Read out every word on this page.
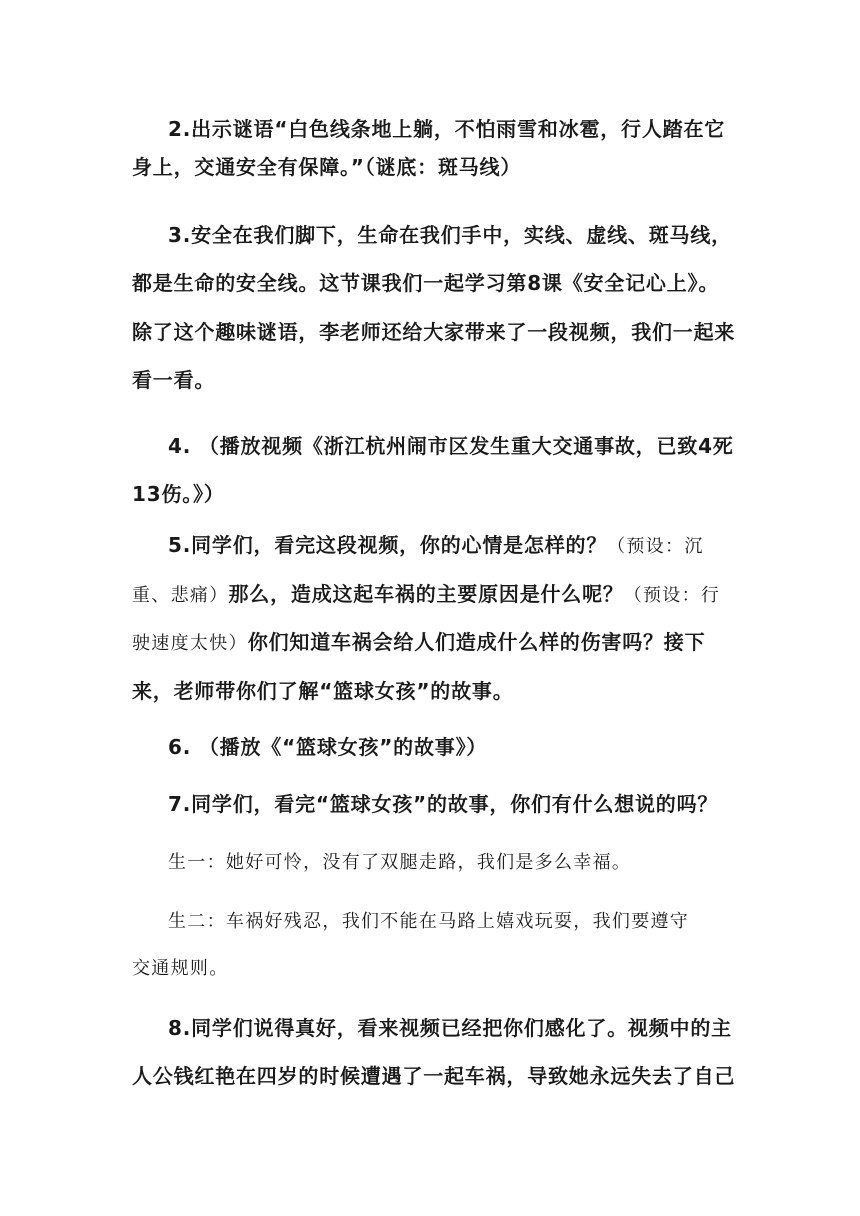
2.出示谜语“白色线条地上躺，不怕雨雪和冰雹，行人踏在它
身上，交通安全有保障。”（谜底：斑马线）
3.安全在我们脚下，生命在我们手中，实线、虚线、斑马线，
都是生命的安全线。这节课我们一起学习第8课《安全记心上》。
除了这个趣味谜语，李老师还给大家带来了一段视频，我们一起来
看一看。
4. （播放视频《浙江杭州闹市区发生重大交通事故，已致4死
13伤。》）
5.同学们，看完这段视频，你的心情是怎样的？（预设：沉
重、悲痛）那么，造成这起车祸的主要原因是什么呢？（预设：行
驶速度太快）你们知道车祸会给人们造成什么样的伤害吗？接下
来，老师带你们了解“篮球女孩”的故事。
6. （播放《“篮球女孩”的故事》）
7.同学们，看完“篮球女孩”的故事，你们有什么想说的吗？
生一：她好可怜，没有了双腿走路，我们是多么幸福。
生二：车祸好残忍，我们不能在马路上嬉戏玩耍，我们要遵守
交通规则。
8.同学们说得真好，看来视频已经把你们感化了。视频中的主
人公钱红艳在四岁的时候遭遇了一起车祸，导致她永远失去了自己
